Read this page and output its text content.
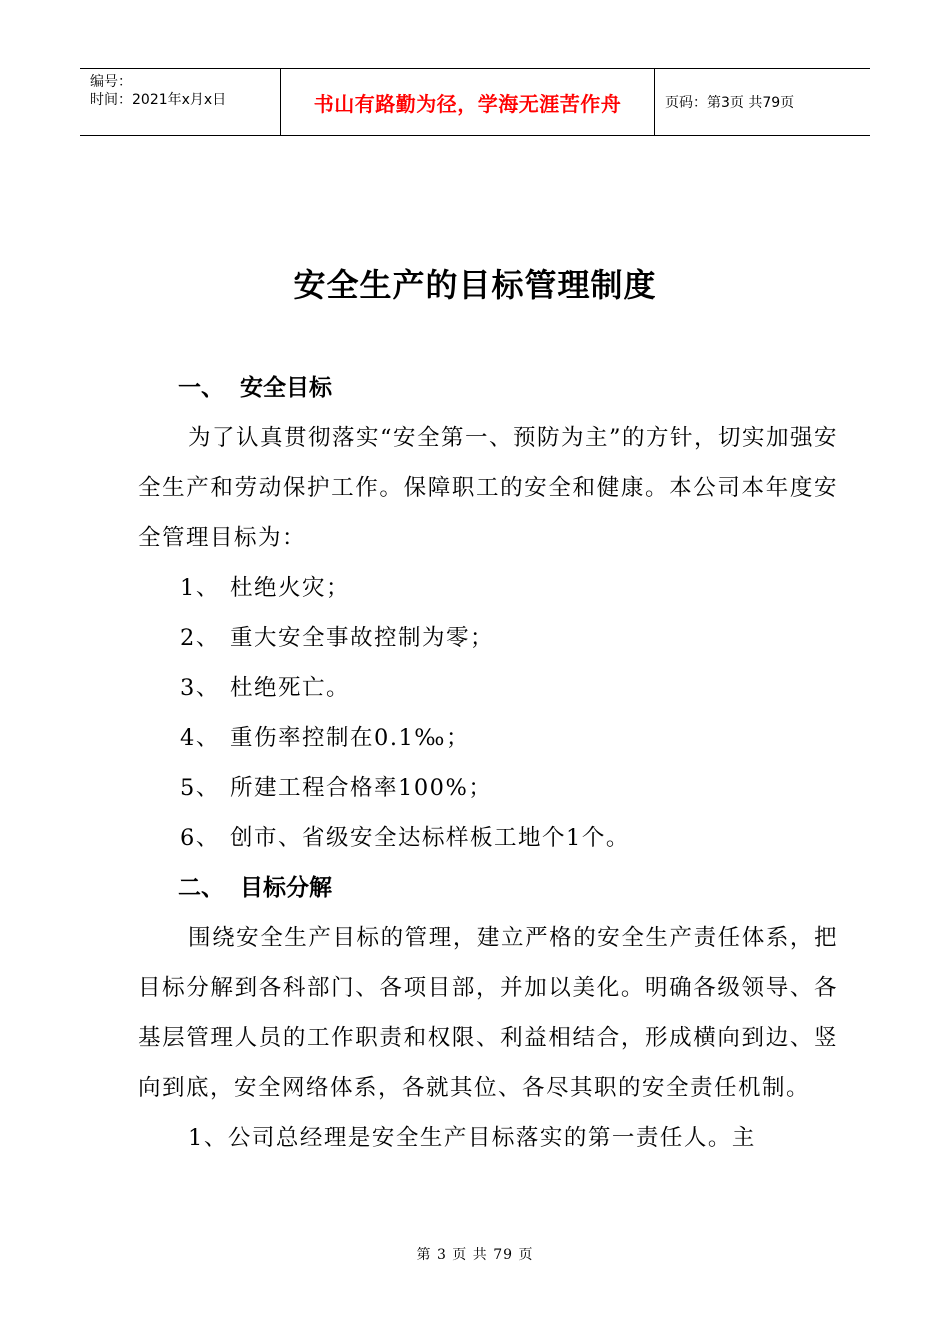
编号：
时间：2021年x月x日	书山有路勤为径，学海无涯苦作舟	页码：第3页 共79页
安全生产的目标管理制度

一、 安全目标

为了认真贯彻落实“安全第一、预防为主”的方针，切实加强安全生产和劳动保护工作。保障职工的安全和健康。本公司本年度安全管理目标为：

1、 杜绝火灾；

2、 重大安全事故控制为零；

3、 杜绝死亡。

4、 重伤率控制在0.1‰；

5、 所建工程合格率100%；

6、 创市、省级安全达标样板工地个1个。

二、 目标分解

围绕安全生产目标的管理，建立严格的安全生产责任体系，把目标分解到各科部门、各项目部，并加以美化。明确各级领导、各基层管理人员的工作职责和权限、利益相结合，形成横向到边、竖向到底，安全网络体系，各就其位、各尽其职的安全责任机制。

1、公司总经理是安全生产目标落实的第一责任人。主

第 3 页 共 79 页
